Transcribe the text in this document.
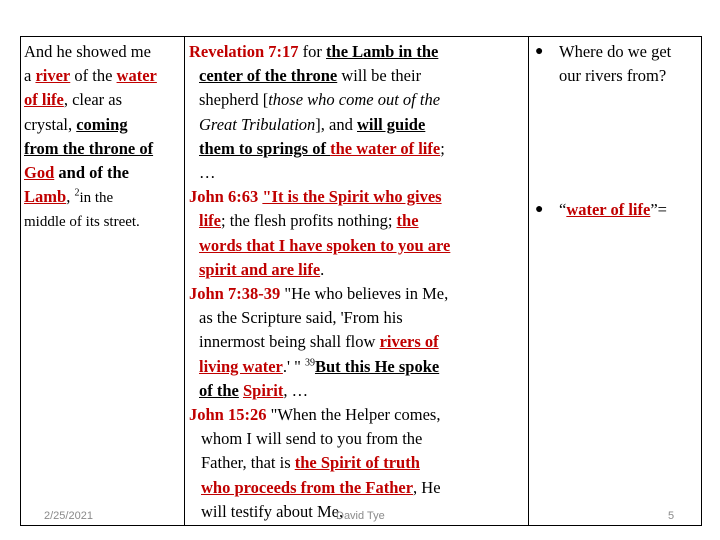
And he showed me
a river of the water
of life, clear as
crystal, coming
from the throne of
God and of the
Lamb, $^2$in the
middle of its street.
Revelation 7:17 for the Lamb in the
center of the throne will be their
shepherd [those who come out of the
Great Tribulation], and will guide
them to springs of the water of life;
…
John 6:63 "It is the Spirit who gives
life; the flesh profits nothing; the
words that I have spoken to you are
spirit and are life.
John 7:38-39 "He who believes in Me,
as the Scripture said, 'From his
innermost being shall flow rivers of
living water.' " $^{39}$But this He spoke
of the Spirit, …
John 15:26 "When the Helper comes,
whom I will send to you from the
Father, that is the Spirit of truth
who proceeds from the Father, He
will testify about Me,
● Where do we get
our rivers from?
● “water of life”=
2/25/2021	David Tye	5
